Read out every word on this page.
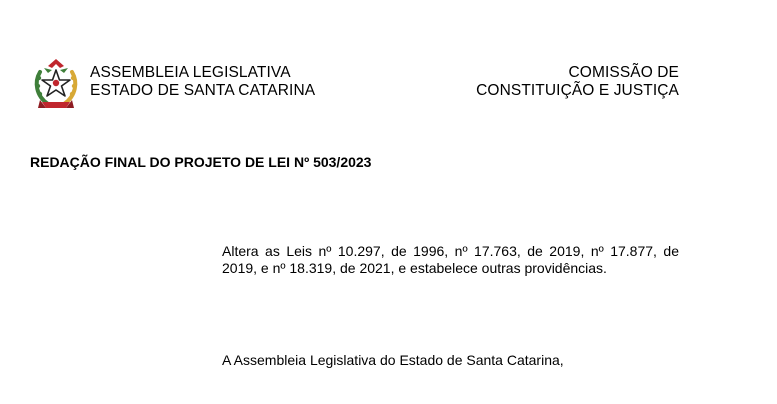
ASSEMBLEIA LEGISLATIVA
ESTADO DE SANTA CATARINA
COMISSÃO DE
CONSTITUIÇÃO E JUSTIÇA
REDAÇÃO FINAL DO PROJETO DE LEI Nº 503/2023
Altera as Leis nº 10.297, de 1996, nº 17.763, de 2019, nº 17.877, de 2019, e nº 18.319, de 2021, e estabelece outras providências.
A Assembleia Legislativa do Estado de Santa Catarina,
